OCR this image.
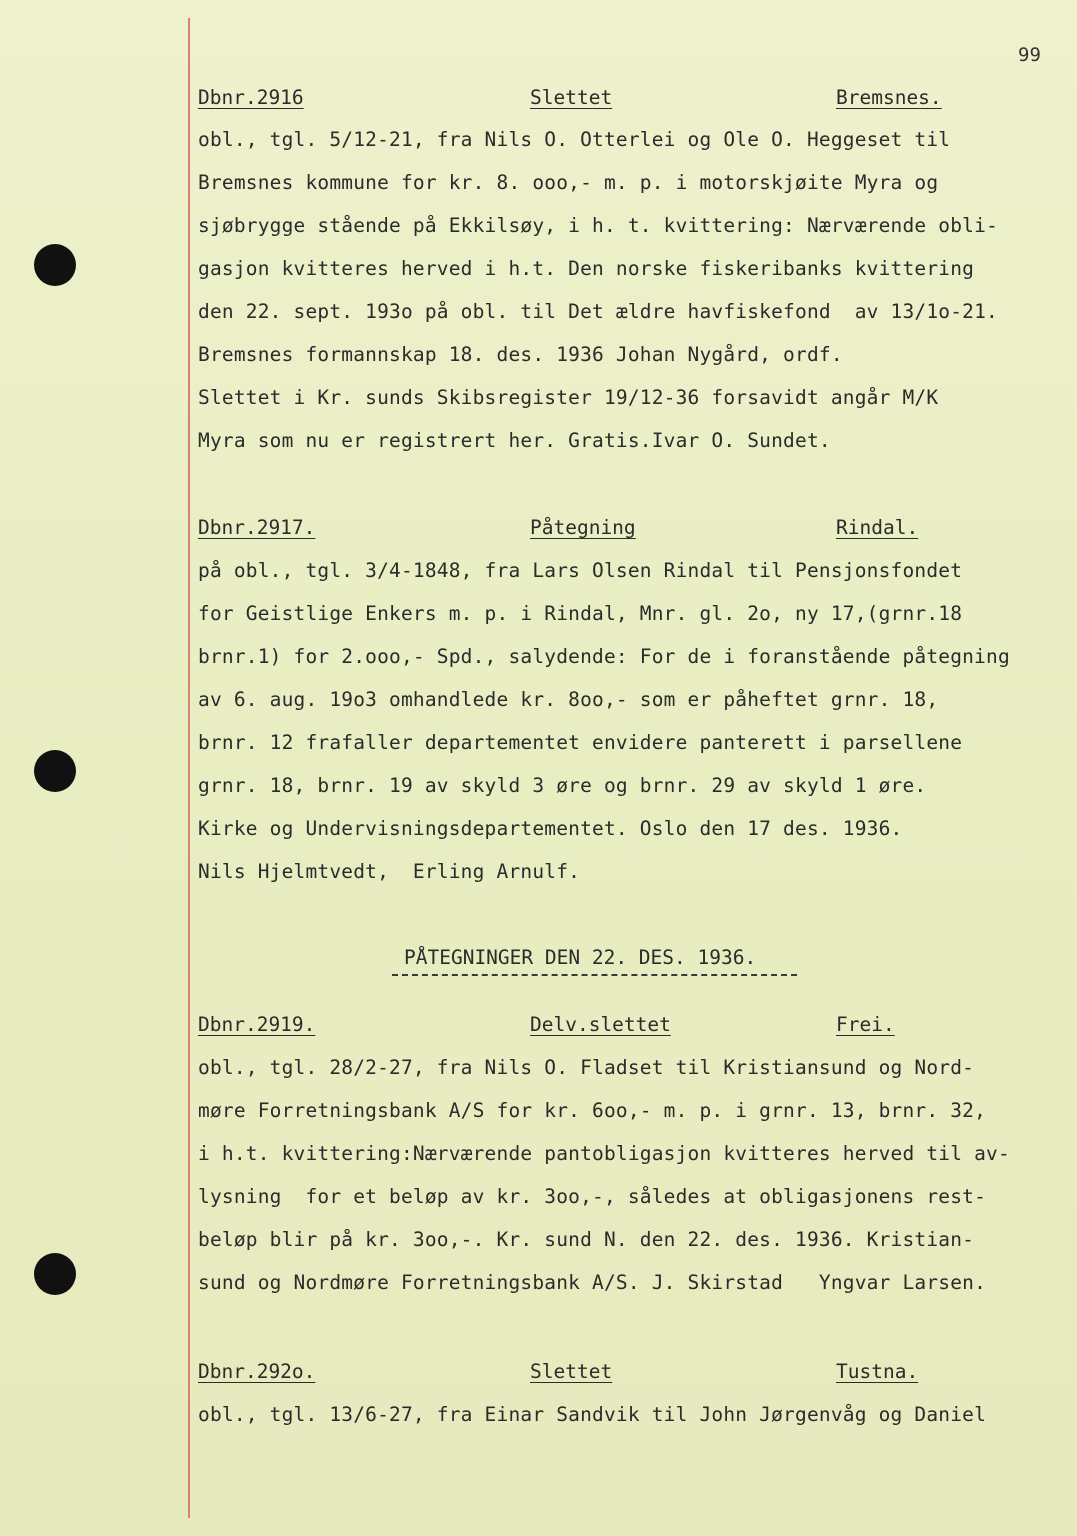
99
Dbnr.2916	Slettet	Bremsnes.
obl., tgl. 5/12-21, fra Nils O. Otterlei og Ole O. Heggeset til
Bremsnes kommune for kr. 8. ooo,- m. p. i motorskjøite Myra og
sjøbrygge stående på Ekkilsøy, i h. t. kvittering: Nærværende obli-
gasjon kvitteres herved i h.t. Den norske fiskeribanks kvittering
den 22. sept. 193o på obl. til Det ældre havfiskefond  av 13/1o-21.
Bremsnes formannskap 18. des. 1936 Johan Nygård, ordf.
Slettet i Kr. sunds Skibsregister 19/12-36 forsavidt angår M/K
Myra som nu er registrert her. Gratis.Ivar O. Sundet.
Dbnr.2917.	Påtegning	Rindal.
på obl., tgl. 3/4-1848, fra Lars Olsen Rindal til Pensjonsfondet
for Geistlige Enkers m. p. i Rindal, Mnr. gl. 2o, ny 17,(grnr.18
brnr.1) for 2.ooo,- Spd., salydende: For de i foranstående påtegning
av 6. aug. 19o3 omhandlede kr. 8oo,- som er påheftet grnr. 18,
brnr. 12 frafaller departementet envidere panterett i parsellene
grnr. 18, brnr. 19 av skyld 3 øre og brnr. 29 av skyld 1 øre.
Kirke og Undervisningsdepartementet. Oslo den 17 des. 1936.
Nils Hjelmtvedt,  Erling Arnulf.
PÅTEGNINGER DEN 22. DES. 1936.
Dbnr.2919.	Delv.slettet	Frei.
obl., tgl. 28/2-27, fra Nils O. Fladset til Kristiansund og Nord-
møre Forretningsbank A/S for kr. 6oo,- m. p. i grnr. 13, brnr. 32,
i h.t. kvittering:Nærværende pantobligasjon kvitteres herved til av-
lysning  for et beløp av kr. 3oo,-, således at obligasjonens rest-
beløp blir på kr. 3oo,-. Kr. sund N. den 22. des. 1936. Kristian-
sund og Nordmøre Forretningsbank A/S. J. Skirstad   Yngvar Larsen.
Dbnr.292o.	Slettet	Tustna.
obl., tgl. 13/6-27, fra Einar Sandvik til John Jørgenvåg og Daniel
